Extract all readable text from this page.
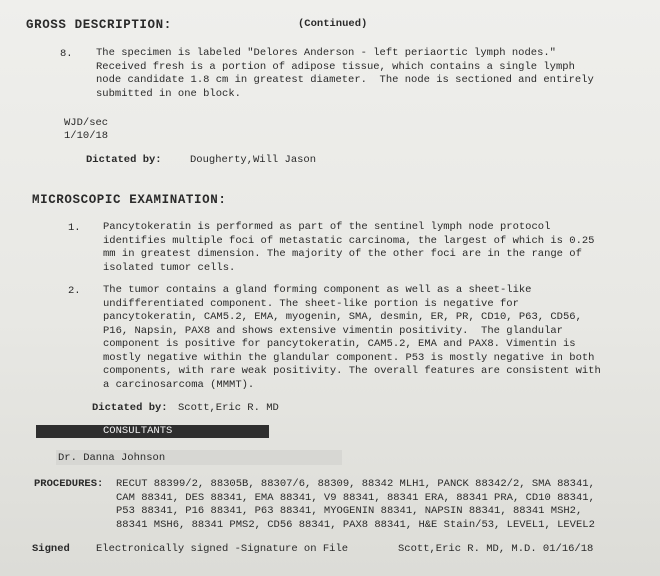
GROSS DESCRIPTION:	(Continued)
8. The specimen is labeled "Delores Anderson - left periaortic lymph nodes."
Received fresh is a portion of adipose tissue, which contains a single lymph
node candidate 1.8 cm in greatest diameter.  The node is sectioned and entirely
submitted in one block.
WJD/sec
1/10/18
Dictated by:	Dougherty,Will Jason
MICROSCOPIC EXAMINATION:
1. Pancytokeratin is performed as part of the sentinel lymph node protocol
identifies multiple foci of metastatic carcinoma, the largest of which is 0.25
mm in greatest dimension. The majority of the other foci are in the range of
isolated tumor cells.
2. The tumor contains a gland forming component as well as a sheet-like
undifferentiated component. The sheet-like portion is negative for
pancytokeratin, CAM5.2, EMA, myogenin, SMA, desmin, ER, PR, CD10, P63, CD56,
P16, Napsin, PAX8 and shows extensive vimentin positivity.  The glandular
component is positive for pancytokeratin, CAM5.2, EMA and PAX8. Vimentin is
mostly negative within the glandular component. P53 is mostly negative in both
components, with rare weak positivity. The overall features are consistent with
a carcinosarcoma (MMMT).
Dictated by: Scott,Eric R. MD
CONSULTANTS
Dr. Danna Johnson
PROCEDURES: RECUT 88399/2, 88305B, 88307/6, 88309, 88342 MLH1, PANCK 88342/2, SMA 88341,
CAM 88341, DES 88341, EMA 88341, V9 88341, 88341 ERA, 88341 PRA, CD10 88341,
P53 88341, P16 88341, P63 88341, MYOGENIN 88341, NAPSIN 88341, 88341 MSH2,
88341 MSH6, 88341 PMS2, CD56 88341, PAX8 88341, H&E Stain/53, LEVEL1, LEVEL2
Signed Electronically signed -Signature on File	Scott,Eric R. MD, M.D. 01/16/18
